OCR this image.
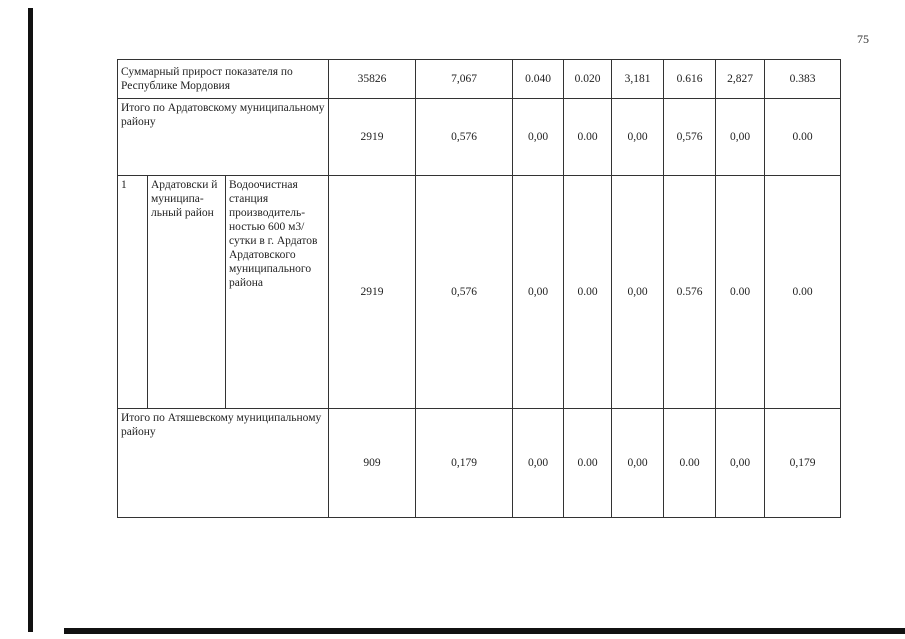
75
Суммарный прирост показателя по Республике Мордовия			35826	7,067	0.040	0.020	3,181	0.616	2,827	0.383
Итого по Ардатовскому муниципальному району			2919	0,576	0,00	0.00	0,00	0,576	0,00	0.00
1	Ардатовски й муниципа-льный район	Водоочистная станция производитель-ностью 600 м3/сутки в г. Ардатов Ардатовского муниципального района	2919	0,576	0,00	0.00	0,00	0.576	0.00	0.00
Итого по Атяшевскому муниципальному району			909	0,179	0,00	0.00	0,00	0.00	0,00	0,179
